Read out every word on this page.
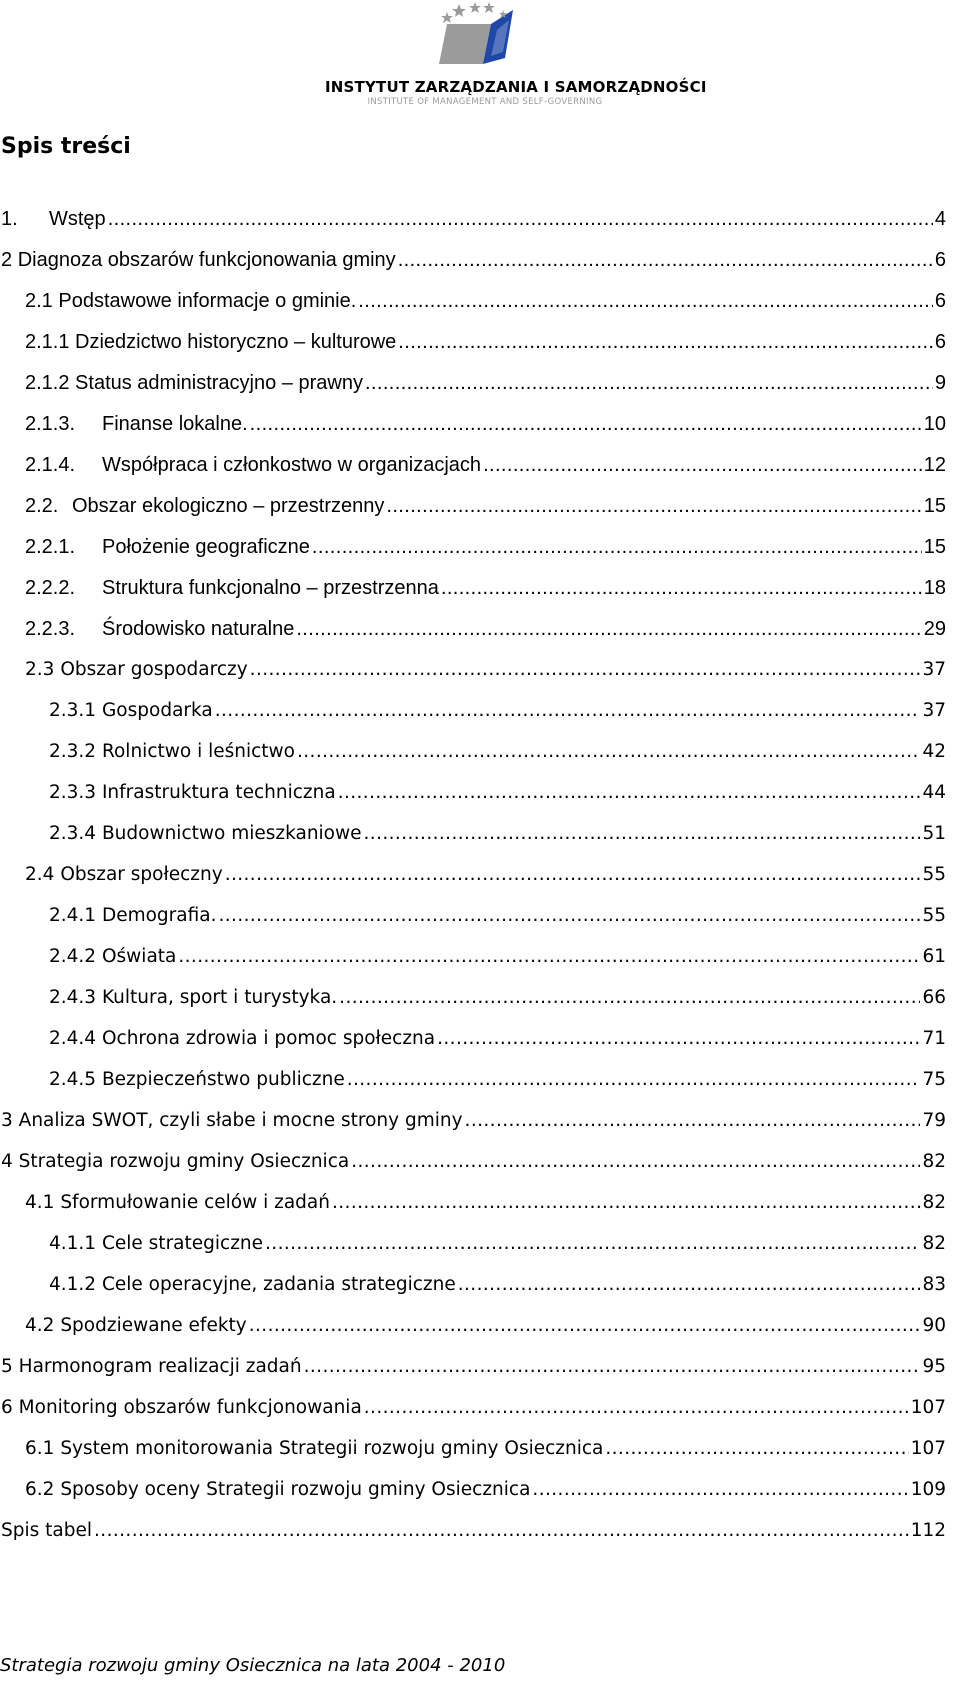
INSTYTUT ZARZĄDZANIA I SAMORZĄDNOŚCI
INSTITUTE OF MANAGEMENT AND SELF-GOVERNING
Spis treści
1.	Wstęp .....	4
2
Diagnoza obszarów funkcjonowania gminy .....	6
2.1
Podstawowe informacje o gminie. .....	6
2.1.1
Dziedzictwo historyczno – kulturowe .....	6
2.1.2
Status administracyjno – prawny .....	9
2.1.3.	Finanse lokalne. .....	10
2.1.4.	Współpraca i członkostwo w organizacjach .....	12
2.2. Obszar ekologiczno – przestrzenny .....	15
2.2.1.	Położenie geograficzne .....	15
2.2.2.	Struktura funkcjonalno – przestrzenna .....	18
2.2.3.	Środowisko naturalne .....	29
2.3
Obszar gospodarczy .....	37
2.3.1
Gospodarka .....	37
2.3.2
Rolnictwo i leśnictwo .....	42
2.3.3
Infrastruktura techniczna .....	44
2.3.4
Budownictwo mieszkaniowe .....	51
2.4
Obszar społeczny .....	55
2.4.1
Demografia. .....	55
2.4.2
Oświata .....	61
2.4.3
Kultura, sport i turystyka. .....	66
2.4.4
Ochrona zdrowia i pomoc społeczna .....	71
2.4.5
Bezpieczeństwo publiczne .....	75
3
Analiza SWOT, czyli słabe i mocne strony gminy .....	79
4
Strategia rozwoju gminy Osiecznica .....	82
4.1
Sformułowanie celów i zadań .....	82
4.1.1
Cele strategiczne .....	82
4.1.2
Cele operacyjne, zadania strategiczne .....	83
4.2
Spodziewane efekty .....	90
5
Harmonogram realizacji zadań .....	95
6
Monitoring obszarów funkcjonowania .....	107
6.1
System monitorowania Strategii rozwoju gminy Osiecznica .....	107
6.2
Sposoby oceny Strategii rozwoju gminy Osiecznica .....	109
Spis tabel .....	112
Strategia rozwoju gminy Osiecznica na lata 2004 - 2010
